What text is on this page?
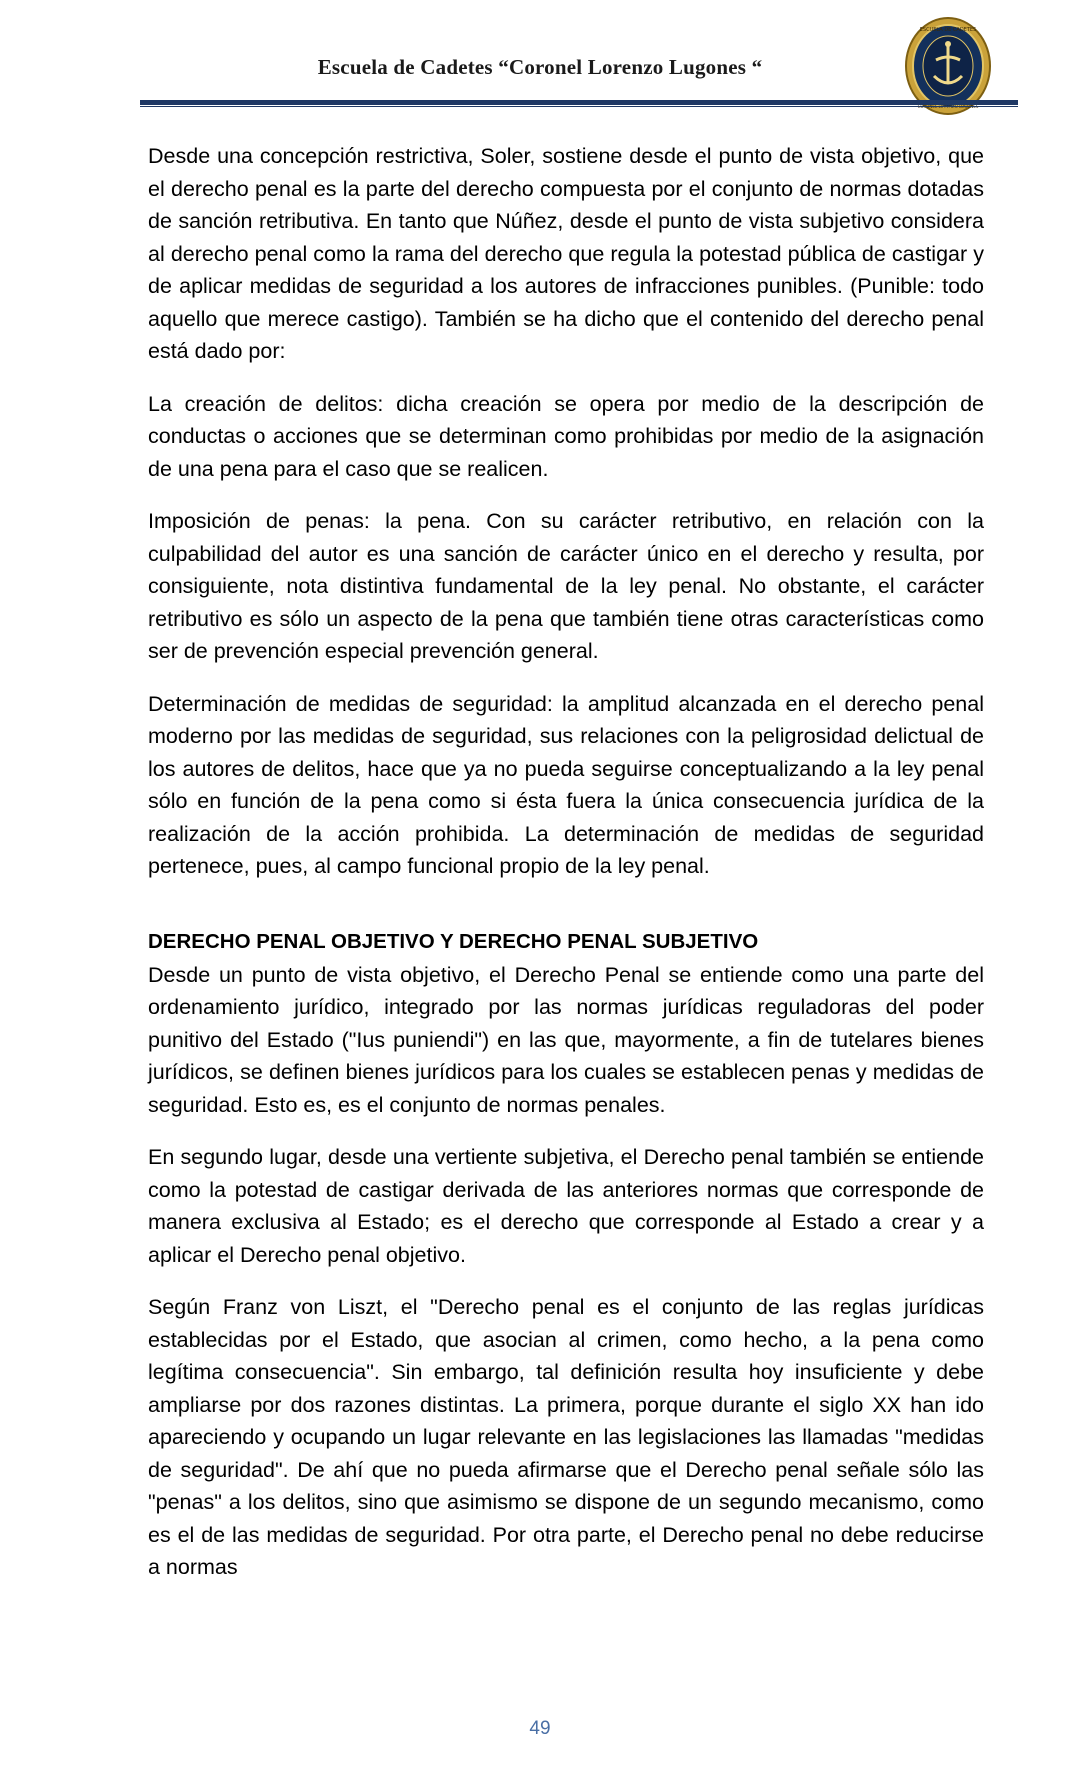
Escuela de Cadetes “Coronel Lorenzo Lugones “
ESCUELA DE CADETES

Desde una concepción restrictiva, Soler, sostiene desde el punto de vista objetivo, que el derecho penal es la parte del derecho compuesta por el conjunto de normas dotadas de sanción retributiva. En tanto que Núñez, desde el punto de vista subjetivo considera al derecho penal como la rama del derecho que regula la potestad pública de castigar y de aplicar medidas de seguridad a los autores de infracciones punibles. (Punible: todo aquello que merece castigo). También se ha dicho que el contenido del derecho penal está dado por:

La creación de delitos: dicha creación se opera por medio de la descripción de conductas o acciones que se determinan como prohibidas por medio de la asignación de una pena para el caso que se realicen.

Imposición de penas: la pena. Con su carácter retributivo, en relación con la culpabilidad del autor es una sanción de carácter único en el derecho y resulta, por consiguiente, nota distintiva fundamental de la ley penal. No obstante, el carácter retributivo es sólo un aspecto de la pena que también tiene otras características como ser de prevención especial prevención general.

Determinación de medidas de seguridad: la amplitud alcanzada en el derecho penal moderno por las medidas de seguridad, sus relaciones con la peligrosidad delictual de los autores de delitos, hace que ya no pueda seguirse conceptualizando a la ley penal sólo en función de la pena como si ésta fuera la única consecuencia jurídica de la realización de la acción prohibida. La determinación de medidas de seguridad pertenece, pues, al campo funcional propio de la ley penal.

DERECHO PENAL OBJETIVO Y DERECHO PENAL SUBJETIVO

Desde un punto de vista objetivo, el Derecho Penal se entiende como una parte del ordenamiento jurídico, integrado por las normas jurídicas reguladoras del poder punitivo del Estado ("Ius puniendi") en las que, mayormente, a fin de tutelares bienes jurídicos, se definen bienes jurídicos para los cuales se establecen penas y medidas de seguridad. Esto es, es el conjunto de normas penales.

En segundo lugar, desde una vertiente subjetiva, el Derecho penal también se entiende como la potestad de castigar derivada de las anteriores normas que corresponde de manera exclusiva al Estado; es el derecho que corresponde al Estado a crear y a aplicar el Derecho penal objetivo.

Según Franz von Liszt, el "Derecho penal es el conjunto de las reglas jurídicas establecidas por el Estado, que asocian al crimen, como hecho, a la pena como legítima consecuencia". Sin embargo, tal definición resulta hoy insuficiente y debe ampliarse por dos razones distintas. La primera, porque durante el siglo XX han ido apareciendo y ocupando un lugar relevante en las legislaciones las llamadas "medidas de seguridad". De ahí que no pueda afirmarse que el Derecho penal señale sólo las "penas" a los delitos, sino que asimismo se dispone de un segundo mecanismo, como es el de las medidas de seguridad. Por otra parte, el Derecho penal no debe reducirse a normas

49
